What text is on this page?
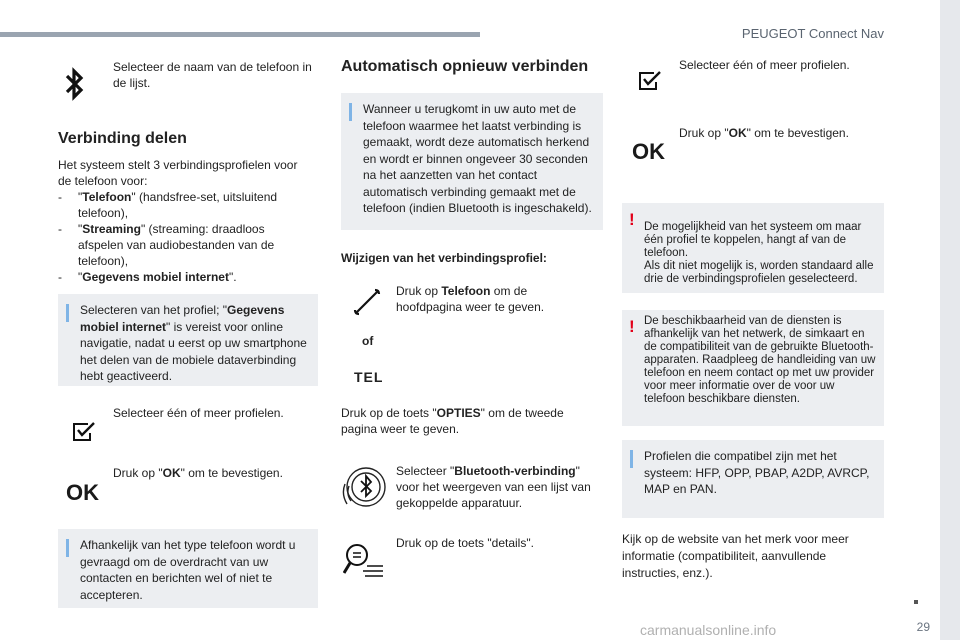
PEUGEOT Connect Nav
29
Selecteer de naam van de telefoon in de lijst.
Verbinding delen
Het systeem stelt 3 verbindingsprofielen voor de telefoon voor:
- "Telefoon" (handsfree-set, uitsluitend telefoon),
- "Streaming" (streaming: draadloos afspelen van audiobestanden van de telefoon),
- "Gegevens mobiel internet".
Selecteren van het profiel; "Gegevens mobiel internet" is vereist voor online navigatie, nadat u eerst op uw smartphone het delen van de mobiele dataverbinding hebt geactiveerd.
Selecteer één of meer profielen.
OK
Druk op "OK" om te bevestigen.
Afhankelijk van het type telefoon wordt u gevraagd om de overdracht van uw contacten en berichten wel of niet te accepteren.
Automatisch opnieuw verbinden
Wanneer u terugkomt in uw auto met de telefoon waarmee het laatst verbinding is gemaakt, wordt deze automatisch herkend en wordt er binnen ongeveer 30 seconden na het aanzetten van het contact automatisch verbinding gemaakt met de telefoon (indien Bluetooth is ingeschakeld).
Wijzigen van het verbindingsprofiel:
Druk op Telefoon om de hoofdpagina weer te geven.
of
TEL
Druk op de toets "OPTIES" om de tweede pagina weer te geven.
Selecteer "Bluetooth-verbinding" voor het weergeven van een lijst van gekoppelde apparatuur.
Druk op de toets "details".
Selecteer één of meer profielen.
OK
Druk op "OK" om te bevestigen.

! De mogelijkheid van het systeem om maar één profiel te koppelen, hangt af van de telefoon.
Als dit niet mogelijk is, worden standaard alle drie de verbindingsprofielen geselecteerd.

! De beschikbaarheid van de diensten is afhankelijk van het netwerk, de simkaart en de compatibiliteit van de gebruikte Bluetooth-apparaten. Raadpleeg de handleiding van uw telefoon en neem contact op met uw provider voor meer informatie over de voor uw telefoon beschikbare diensten.
Profielen die compatibel zijn met het systeem: HFP, OPP, PBAP, A2DP, AVRCP, MAP en PAN.
Kijk op de website van het merk voor meer informatie (compatibiliteit, aanvullende instructies, enz.).
carmanualsonline.info
